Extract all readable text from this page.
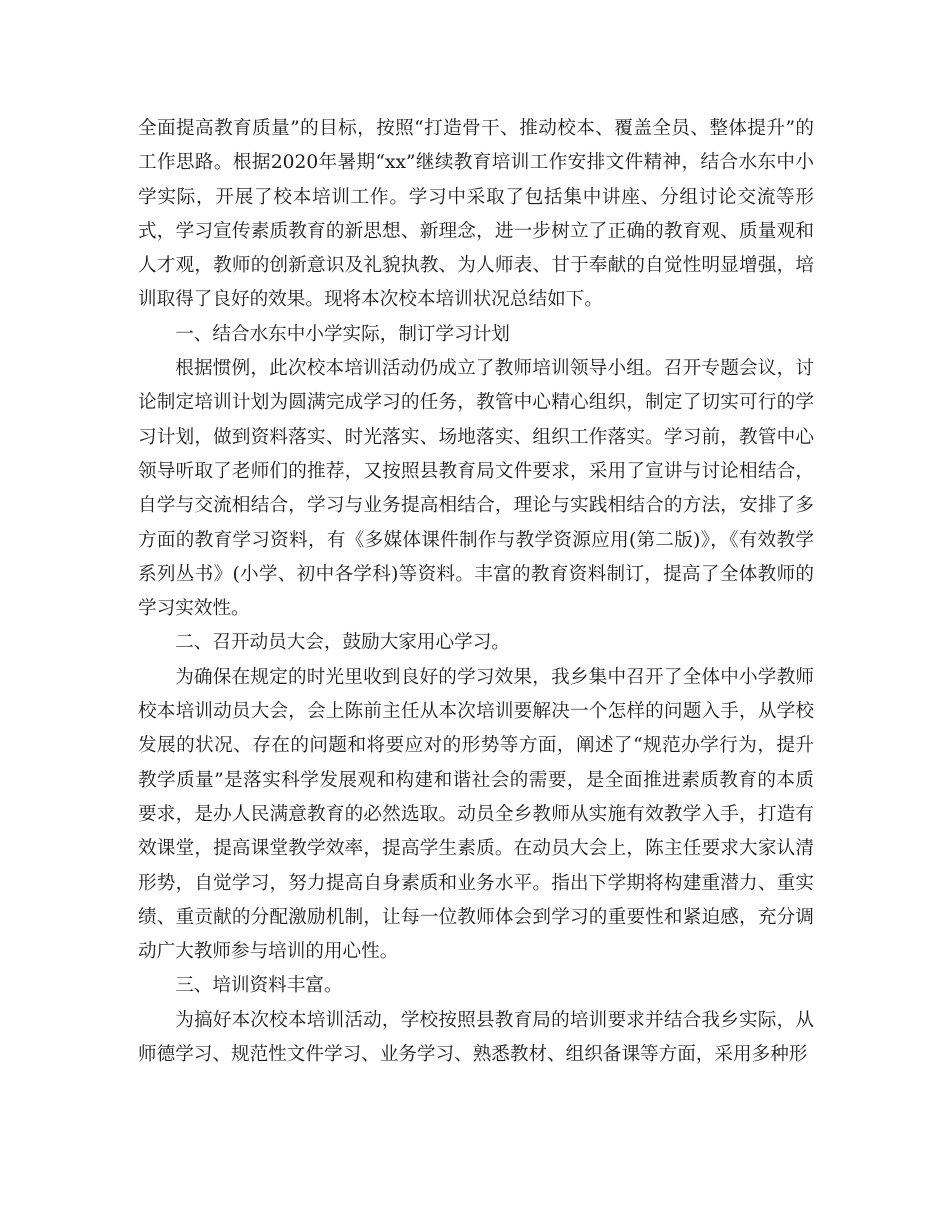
全面提高教育质量”的目标，按照“打造骨干、推动校本、覆盖全员、整体提升”的工作思路。根据2020年暑期“xx”继续教育培训工作安排文件精神，结合水东中小学实际，开展了校本培训工作。学习中采取了包括集中讲座、分组讨论交流等形式，学习宣传素质教育的新思想、新理念，进一步树立了正确的教育观、质量观和人才观，教师的创新意识及礼貌执教、为人师表、甘于奉献的自觉性明显增强，培训取得了良好的效果。现将本次校本培训状况总结如下。

一、结合水东中小学实际，制订学习计划

根据惯例，此次校本培训活动仍成立了教师培训领导小组。召开专题会议，讨论制定培训计划为圆满完成学习的任务，教管中心精心组织，制定了切实可行的学习计划，做到资料落实、时光落实、场地落实、组织工作落实。学习前，教管中心领导听取了老师们的推荐，又按照县教育局文件要求，采用了宣讲与讨论相结合，自学与交流相结合，学习与业务提高相结合，理论与实践相结合的方法，安排了多方面的教育学习资料，有《多媒体课件制作与教学资源应用(第二版)》，《有效教学系列丛书》(小学、初中各学科)等资料。丰富的教育资料制订，提高了全体教师的学习实效性。

二、召开动员大会，鼓励大家用心学习。

为确保在规定的时光里收到良好的学习效果，我乡集中召开了全体中小学教师校本培训动员大会，会上陈前主任从本次培训要解决一个怎样的问题入手，从学校发展的状况、存在的问题和将要应对的形势等方面，阐述了“规范办学行为，提升教学质量”是落实科学发展观和构建和谐社会的需要，是全面推进素质教育的本质要求，是办人民满意教育的必然选取。动员全乡教师从实施有效教学入手，打造有效课堂，提高课堂教学效率，提高学生素质。在动员大会上，陈主任要求大家认清形势，自觉学习，努力提高自身素质和业务水平。指出下学期将构建重潜力、重实绩、重贡献的分配激励机制，让每一位教师体会到学习的重要性和紧迫感，充分调动广大教师参与培训的用心性。

三、培训资料丰富。

为搞好本次校本培训活动，学校按照县教育局的培训要求并结合我乡实际，从师德学习、规范性文件学习、业务学习、熟悉教材、组织备课等方面，采用多种形
